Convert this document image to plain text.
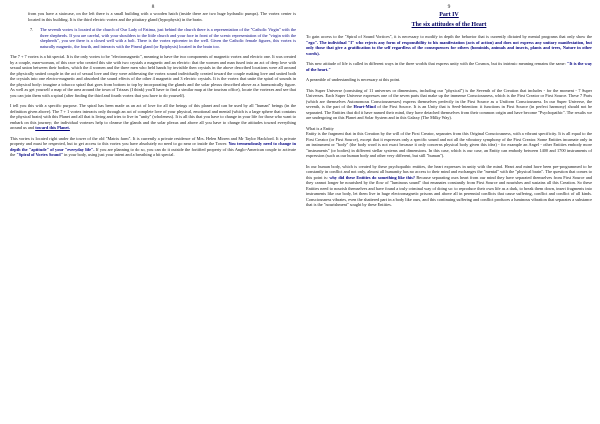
8

from you have a staircase, on the left there is a small building with a wooden hatch (inside there are two huge hydraulic pumps). The vortex center is located in this building. It is the third electric vortex and the pituitary gland (hypophysis) in the brain.

7. The seventh vortex is located at the church of Our Lady of Fatima, just behind the church there is a representation of the "Catholic Virgin" with the three shepherds. If you are careful, with your shoulders to the little church and your face in front of the scenic representation of the "virgin with the shepherds", you see there is a closed well with a bolt. There is the vortex epicenter in the well. Given the Catholic female figures, this vortex is naturally magnetic, the fourth, and interacts with the Pineal gland (or Epiphysis) located in the brain too.

The 7 + 7 vortex is a bit special. It is the only vortex to be "electromagnetic", meaning to have the two components of magnetic vortex and electric one. It was created by a couple, man-woman, of this race who created this site with two crystals a magnetic and an electric: that the women and man fused into an act of deep love with sexual union between their bodies, which the 4 women and the three men who held hands by invisible then crystals in the above described locations were all around the physically united couple in the act of sexual love and they were addressing the vortex sound individually created toward the couple making love and united both the crystals into one electro-magnetic and absorbed the sound effects of the other 4 magnetic and 3 electric crystals. It is the vortex that unite the spiral of sounds in the physical body: imagine a tobacco spiral that goes from bottom to top by incorporating the glands and the solar plexus described above as a harmonically figure. As well as get yourself a map of the area around the town of Trizzas (I think) you'll have to find a similar map at the tourism office), locate the vortexes and see that you can join them with a spiral (after finding the third and fourth vortex that you have to do yourself).

I tell you this with a specific purpose. The spiral has been made as an act of love for all the beings of this planet and can be used by all "human" beings (in the definition given above). The 7 + 1 vortex interacts only through an act of complete love of your physical, emotional and mental (which is a large sphere that contains the physical brain) with this Planet and all that is living and tries to live in "unity" (wholeness). It is all this that you have to change in your life for those who want to embark on this journey; the individual vortexes help to cleanse the glands and the solar plexus and above all you have to change the attitudes toward everything around us and toward this Planet.

This vortex is located right under the tower of the old "Matrix farm". It is currently a private residence of Mrs. Helen Mirren and Mr Taylor Hackford. It is private property and must be respected, but to get access to this vortex you have absolutely no need to go near or inside the Tower. You tremendously need to change in depth the "aptitude" of your "everyday life". If you are planning to do so, you can do it outside the fortified property of this Anglo-American couple to activate the "Spiral of Vortex Sound" in your body, using just your intent and a breathing a bit special.

9
Part IV
The six attitudes of the Heart

To gain access to the "Spiral of Sound Vortices", it is necessary to modify in depth the behavior that is currently dictated by mental programs that only show the "ego". The individual "I" who rejects any form of responsibility to his manifestation (acts of action) and does not express any unitary manifestation, but only those that give a gratification to the self regardless of the consequences for others (hominids, animals and insects, plants and trees, Nature in other words).

This new attitude of life is called in different ways in the three worlds that express unity with the Cosmos, but its intrinsic meaning remains the same: "It is the way of the heart."

A preamble of understanding is necessary at this point.

This Super Universe (consisting of 11 universes or dimensions, including our "physical") is the Seventh of the Creation that includes - for the moment - 7 Super Universes. Each Super Universe expresses one of the seven parts that make up the immense Consciousness, which is the First Creator or First Source. These 7 Parts (which are themselves Autonomous Consciousnesses) express themselves perfectly in the First Source as a Uniform Consciousness. In our Super Universe, the seventh, is the part of the Heart-Mind of the First Source. It is an Unity that is Seed-Intention: it functions in First Source (in perfect harmony) should not be separated. The Entities that did it have named their mind, they have detached themselves from their common origin and have become "Psychopathic". The results we are undergoing on this Planet and Solar System and in this Galaxy (The Milky Way).

What is a Entity

Entity is the fragment that in this Creation by the will of the First Creator, separates from this Original Consciousness, with a vibrant specificity. It is all equal to the First Creator (or First Source), except that it expresses only a specific sound and not all the vibratory symphony of the First Creator. Some Entities incarnate only in an instrument or "body" (the body word is not exact because it only concerns physical body given this idea) - for example an Angel - other Entities embody more "instruments" (or bodies) in different stellar systems and dimensions. In this case, which is our case, an Entity can embody between 1400 and 1700 instruments of expression (such as our human body and other very different, but still "human").

In our human body, which is created by these psychopathic entities, the heart expresses in unity with the mind. Heart and mind have been pre-programmed to be constantly in conflict and not only, almost all humanity has no access to their mind and exchanges the "mental" with the "physical brain". The question that comes to this point is: why did these Entities do something like this? Because separating ours heart from our mind they have separated themselves from First Source and they cannot longer be nourished by the flow of "luminous sound" that emanates constantly from First Source and nourishes and sustains all this Creation. So these Entities need to nourish themselves and have found a truly criminal way of doing so: to reproduce their own life as a dark, to break them down, insert fragments into instruments like our body, let them live in huge electromagnetic prisons and above all in perennial conflicts that cause suffering, conflict and conflict of all kinds. Consciousness vibrates, even the shattered part in a body like ours, and this continuing suffering and conflict produces a luminous vibration that separates a substance that is the "nourishment" sought by these Entities.
